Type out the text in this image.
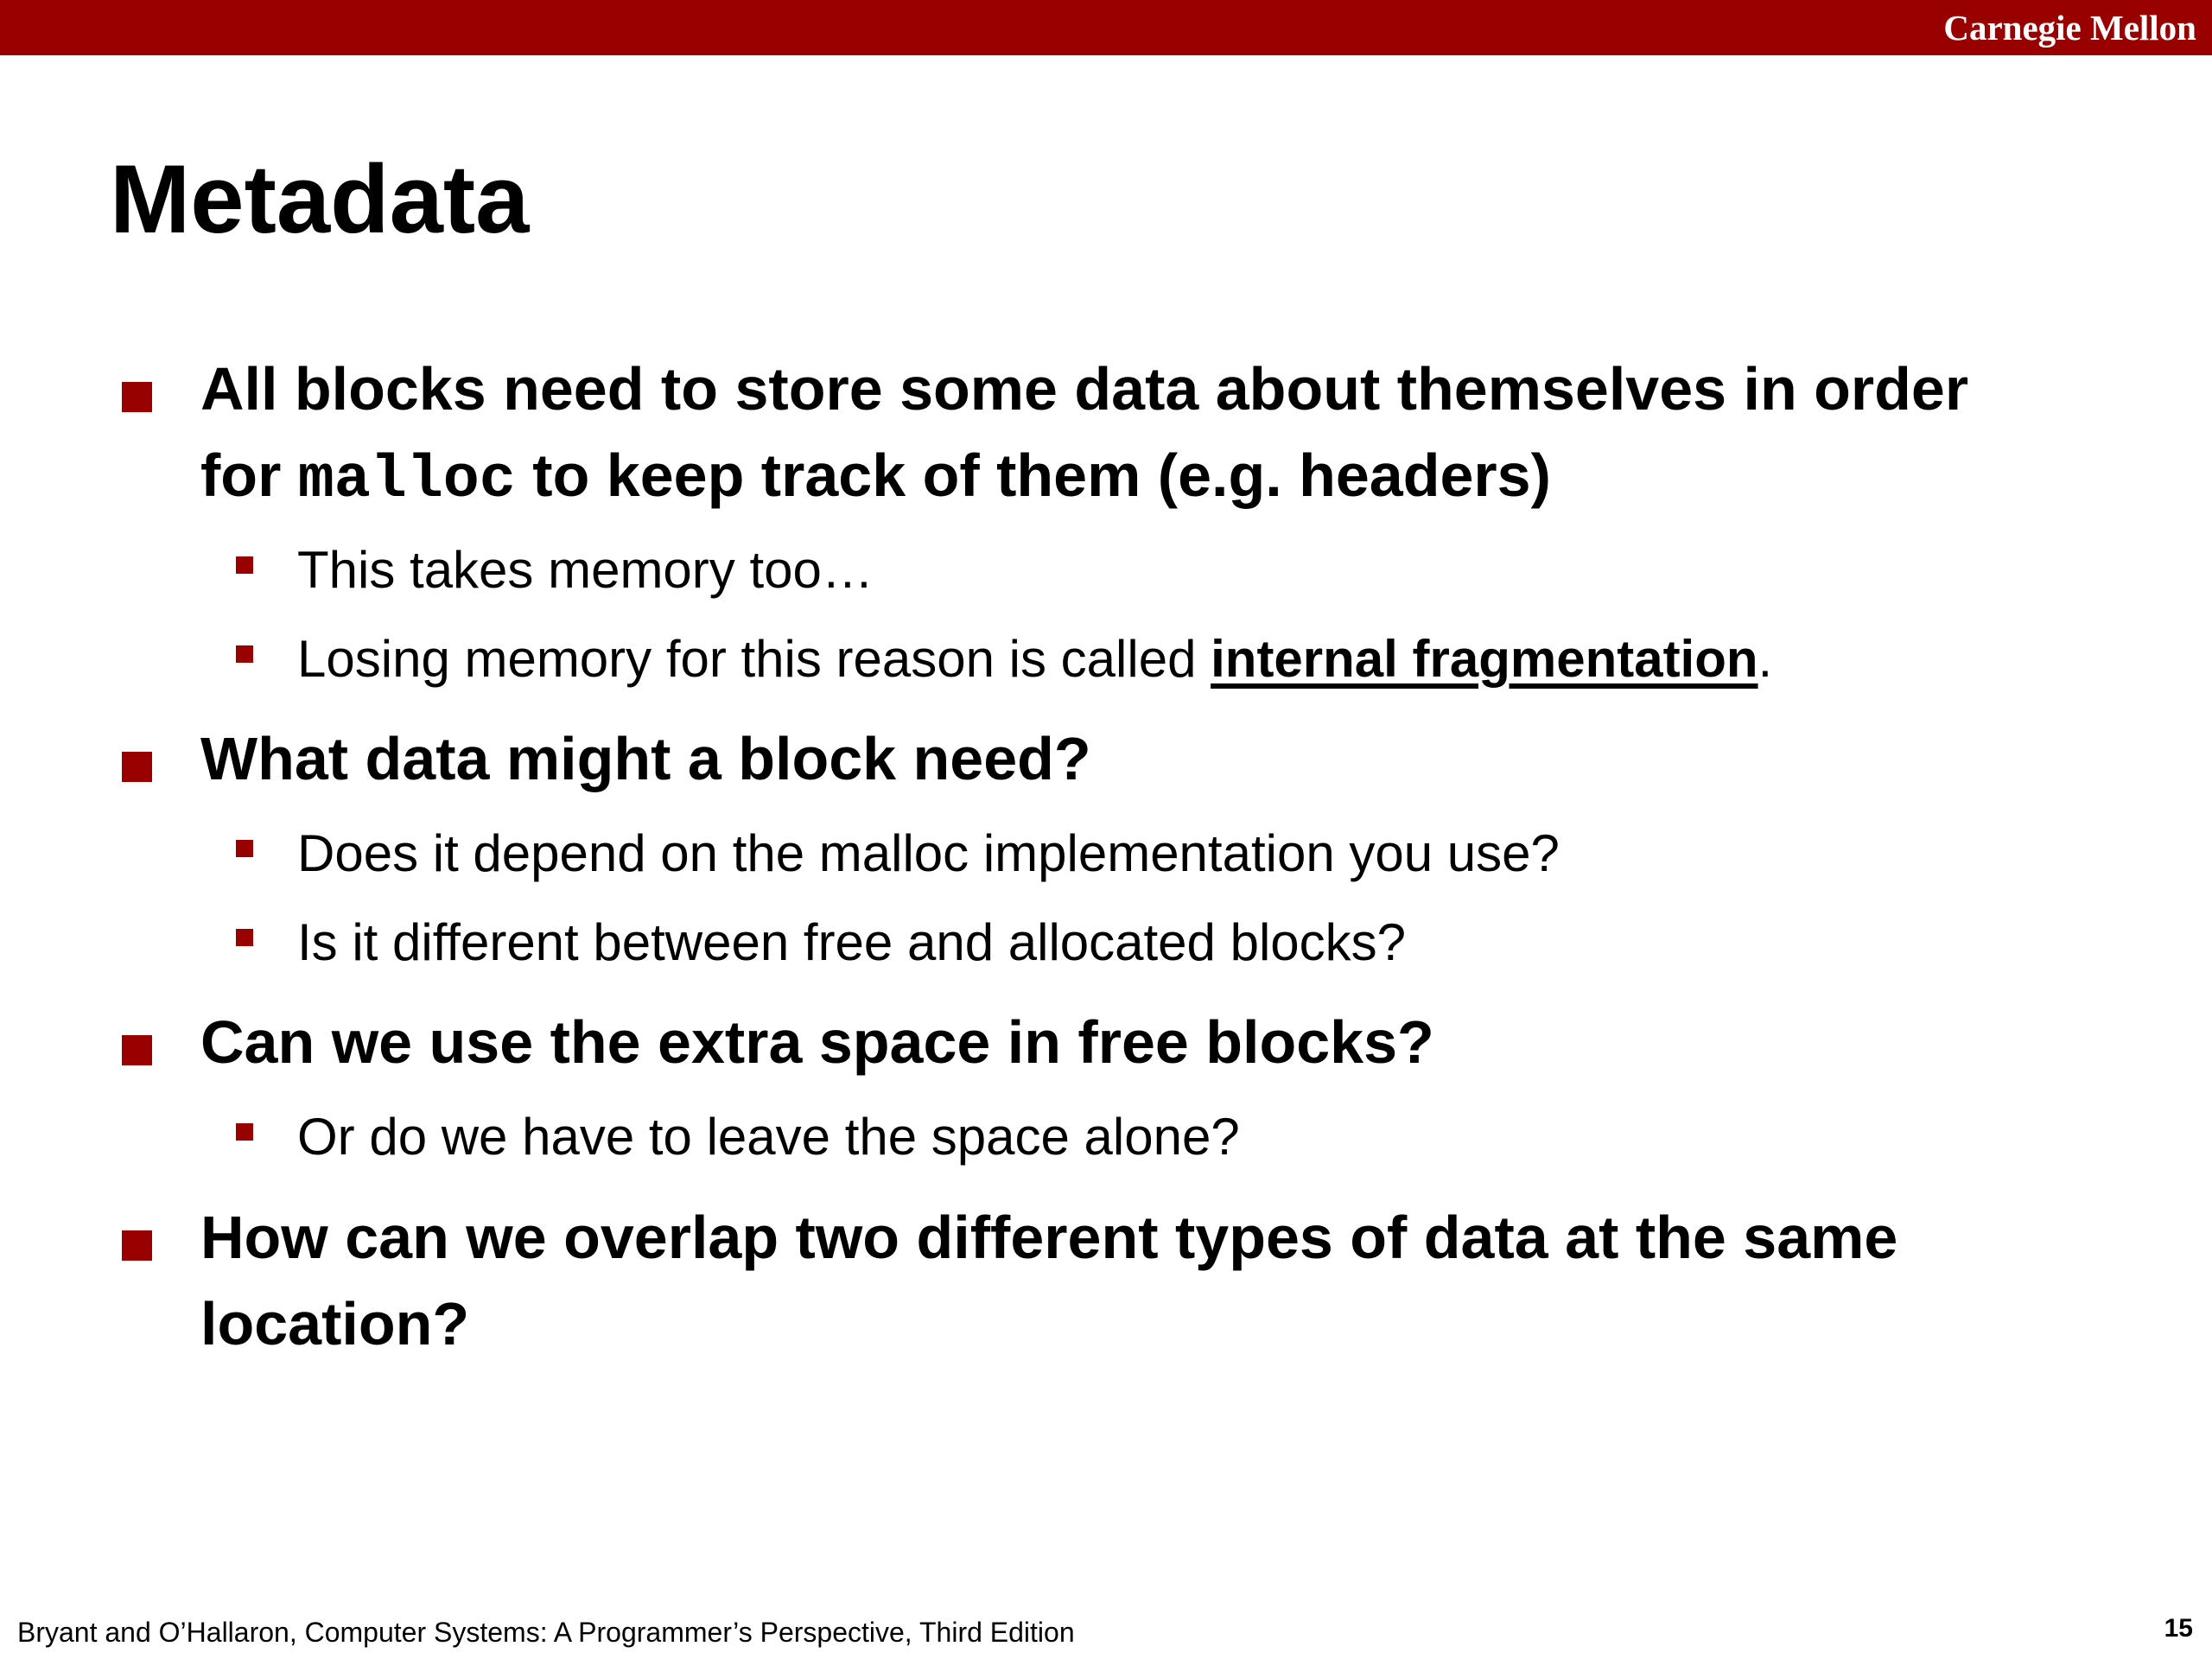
Carnegie Mellon
Metadata
All blocks need to store some data about themselves in order for malloc to keep track of them (e.g. headers)
This takes memory too…
Losing memory for this reason is called internal fragmentation.
What data might a block need?
Does it depend on the malloc implementation you use?
Is it different between free and allocated blocks?
Can we use the extra space in free blocks?
Or do we have to leave the space alone?
How can we overlap two different types of data at the same location?
Bryant and O’Hallaron, Computer Systems: A Programmer’s Perspective, Third Edition	15
